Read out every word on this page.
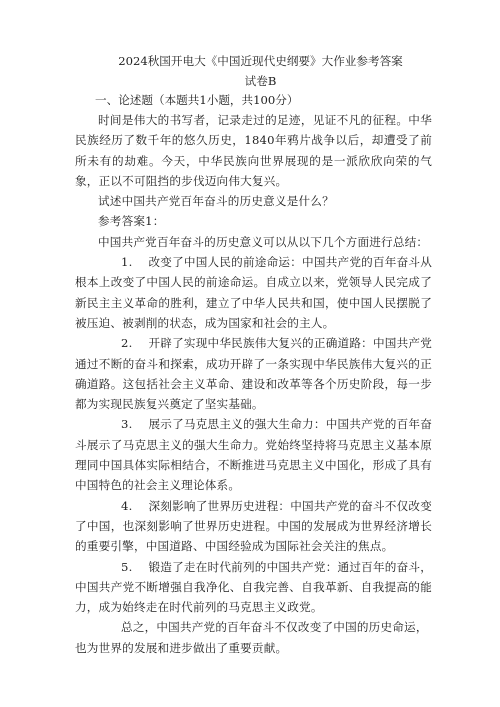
2024秋国开电大《中国近现代史纲要》大作业参考答案

试卷B

一、论述题（本题共1小题，共100分）

时间是伟大的书写者，记录走过的足迹，见证不凡的征程。中华民族经历了数千年的悠久历史，1840年鸦片战争以后，却遭受了前所未有的劫难。今天，中华民族向世界展现的是一派欣欣向荣的气象，正以不可阻挡的步伐迈向伟大复兴。

试述中国共产党百年奋斗的历史意义是什么？

参考答案1：

中国共产党百年奋斗的历史意义可以从以下几个方面进行总结：

1. 改变了中国人民的前途命运：中国共产党的百年奋斗从根本上改变了中国人民的前途命运。自成立以来，党领导人民完成了新民主主义革命的胜利，建立了中华人民共和国，使中国人民摆脱了被压迫、被剥削的状态，成为国家和社会的主人。

2. 开辟了实现中华民族伟大复兴的正确道路：中国共产党通过不断的奋斗和探索，成功开辟了一条实现中华民族伟大复兴的正确道路。这包括社会主义革命、建设和改革等各个历史阶段，每一步都为实现民族复兴奠定了坚实基础。

3. 展示了马克思主义的强大生命力：中国共产党的百年奋斗展示了马克思主义的强大生命力。党始终坚持将马克思主义基本原理同中国具体实际相结合，不断推进马克思主义中国化，形成了具有中国特色的社会主义理论体系。

4. 深刻影响了世界历史进程：中国共产党的奋斗不仅改变了中国，也深刻影响了世界历史进程。中国的发展成为世界经济增长的重要引擎，中国道路、中国经验成为国际社会关注的焦点。

5. 锻造了走在时代前列的中国共产党：通过百年的奋斗，中国共产党不断增强自我净化、自我完善、自我革新、自我提高的能力，成为始终走在时代前列的马克思主义政党。

总之，中国共产党的百年奋斗不仅改变了中国的历史命运，

也为世界的发展和进步做出了重要贡献。
